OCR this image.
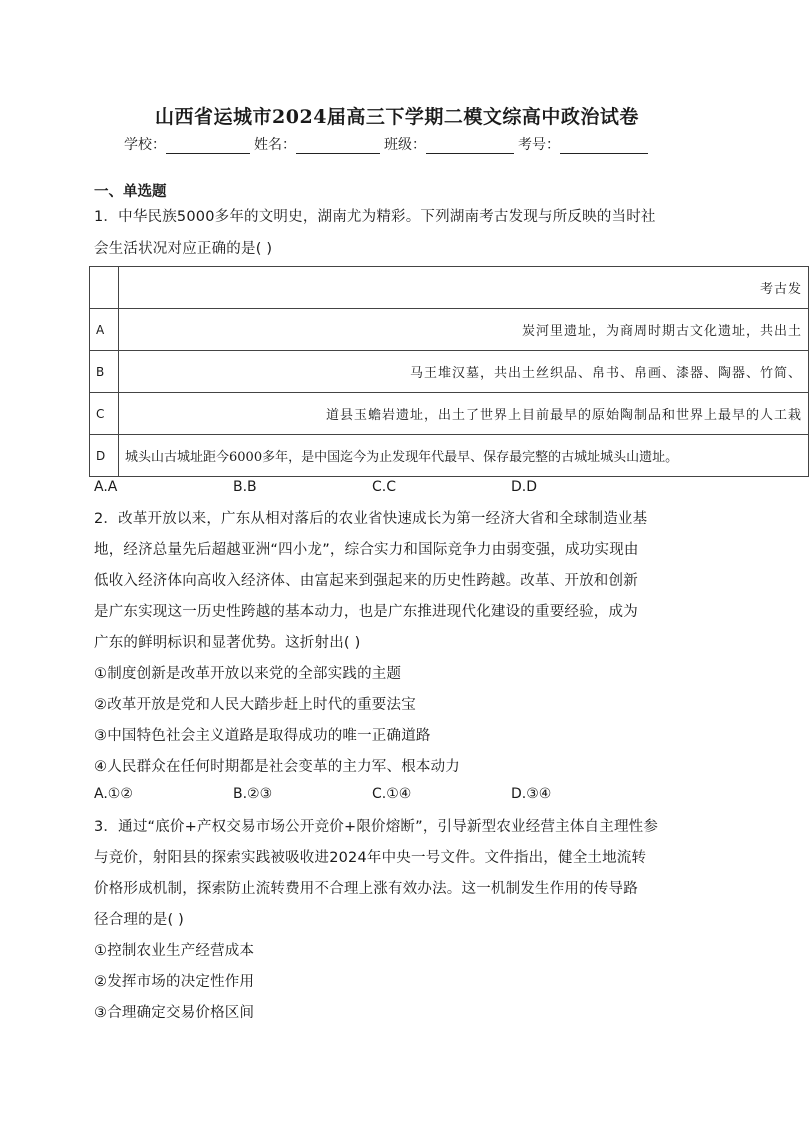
山西省运城市2024届高三下学期二模文综高中政治试卷
学校：	姓名：	班级：	考号：
一、单选题
1．中华民族5000多年的文明史，湖南尤为精彩。下列湖南考古发现与所反映的当时社
会生活状况对应正确的是( )
	考古发
A	炭河里遗址，为商周时期古文化遗址，共出土
B	马王堆汉墓，共出土丝织品、帛书、帛画、漆器、陶器、竹简、
C	道县玉蟾岩遗址，出土了世界上目前最早的原始陶制品和世界上最早的人工栽
D	城头山古城址距今6000多年，是中国迄今为止发现年代最早、保存最完整的古城址城头山遗址。
A.A	B.B	C.C	D.D
2．改革开放以来，广东从相对落后的农业省快速成长为第一经济大省和全球制造业基
地，经济总量先后超越亚洲“四小龙”，综合实力和国际竞争力由弱变强，成功实现由
低收入经济体向高收入经济体、由富起来到强起来的历史性跨越。改革、开放和创新
是广东实现这一历史性跨越的基本动力，也是广东推进现代化建设的重要经验，成为
广东的鲜明标识和显著优势。这折射出( )
①制度创新是改革开放以来党的全部实践的主题
②改革开放是党和人民大踏步赶上时代的重要法宝
③中国特色社会主义道路是取得成功的唯一正确道路
④人民群众在任何时期都是社会变革的主力军、根本动力
A.①②	B.②③	C.①④	D.③④
3．通过“底价+产权交易市场公开竞价+限价熔断”，引导新型农业经营主体自主理性参
与竞价，射阳县的探索实践被吸收进2024年中央一号文件。文件指出，健全土地流转
价格形成机制，探索防止流转费用不合理上涨有效办法。这一机制发生作用的传导路
径合理的是( )
①控制农业生产经营成本
②发挥市场的决定性作用
③合理确定交易价格区间
